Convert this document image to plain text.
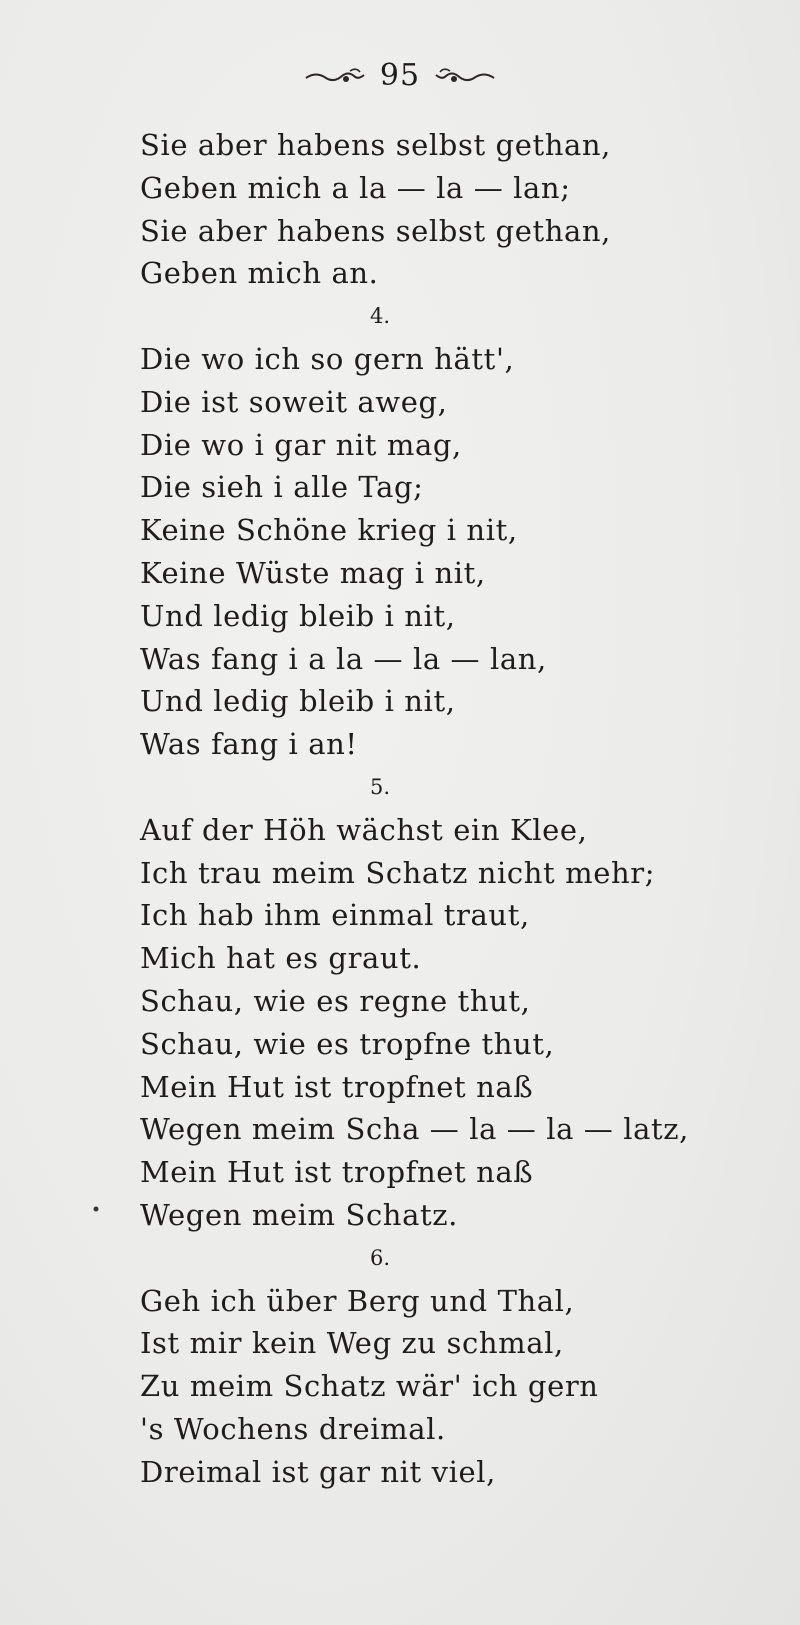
95
Sie aber habens selbst gethan,
Geben mich a la — la — lan;
Sie aber habens selbst gethan,
Geben mich an.
4.
Die wo ich so gern hätt',
Die ist soweit aweg,
Die wo i gar nit mag,
Die sieh i alle Tag;
Keine Schöne krieg i nit,
Keine Wüste mag i nit,
Und ledig bleib i nit,
Was fang i a la — la — lan,
Und ledig bleib i nit,
Was fang i an!
5.
Auf der Höh wächst ein Klee,
Ich trau meim Schatz nicht mehr;
Ich hab ihm einmal traut,
Mich hat es graut.
Schau, wie es regne thut,
Schau, wie es tropfne thut,
Mein Hut ist tropfnet naß
Wegen meim Scha — la — la — latz,
Mein Hut ist tropfnet naß
Wegen meim Schatz.
6.
Geh ich über Berg und Thal,
Ist mir kein Weg zu schmal,
Zu meim Schatz wär' ich gern
's Wochens dreimal.
Dreimal ist gar nit viel,
